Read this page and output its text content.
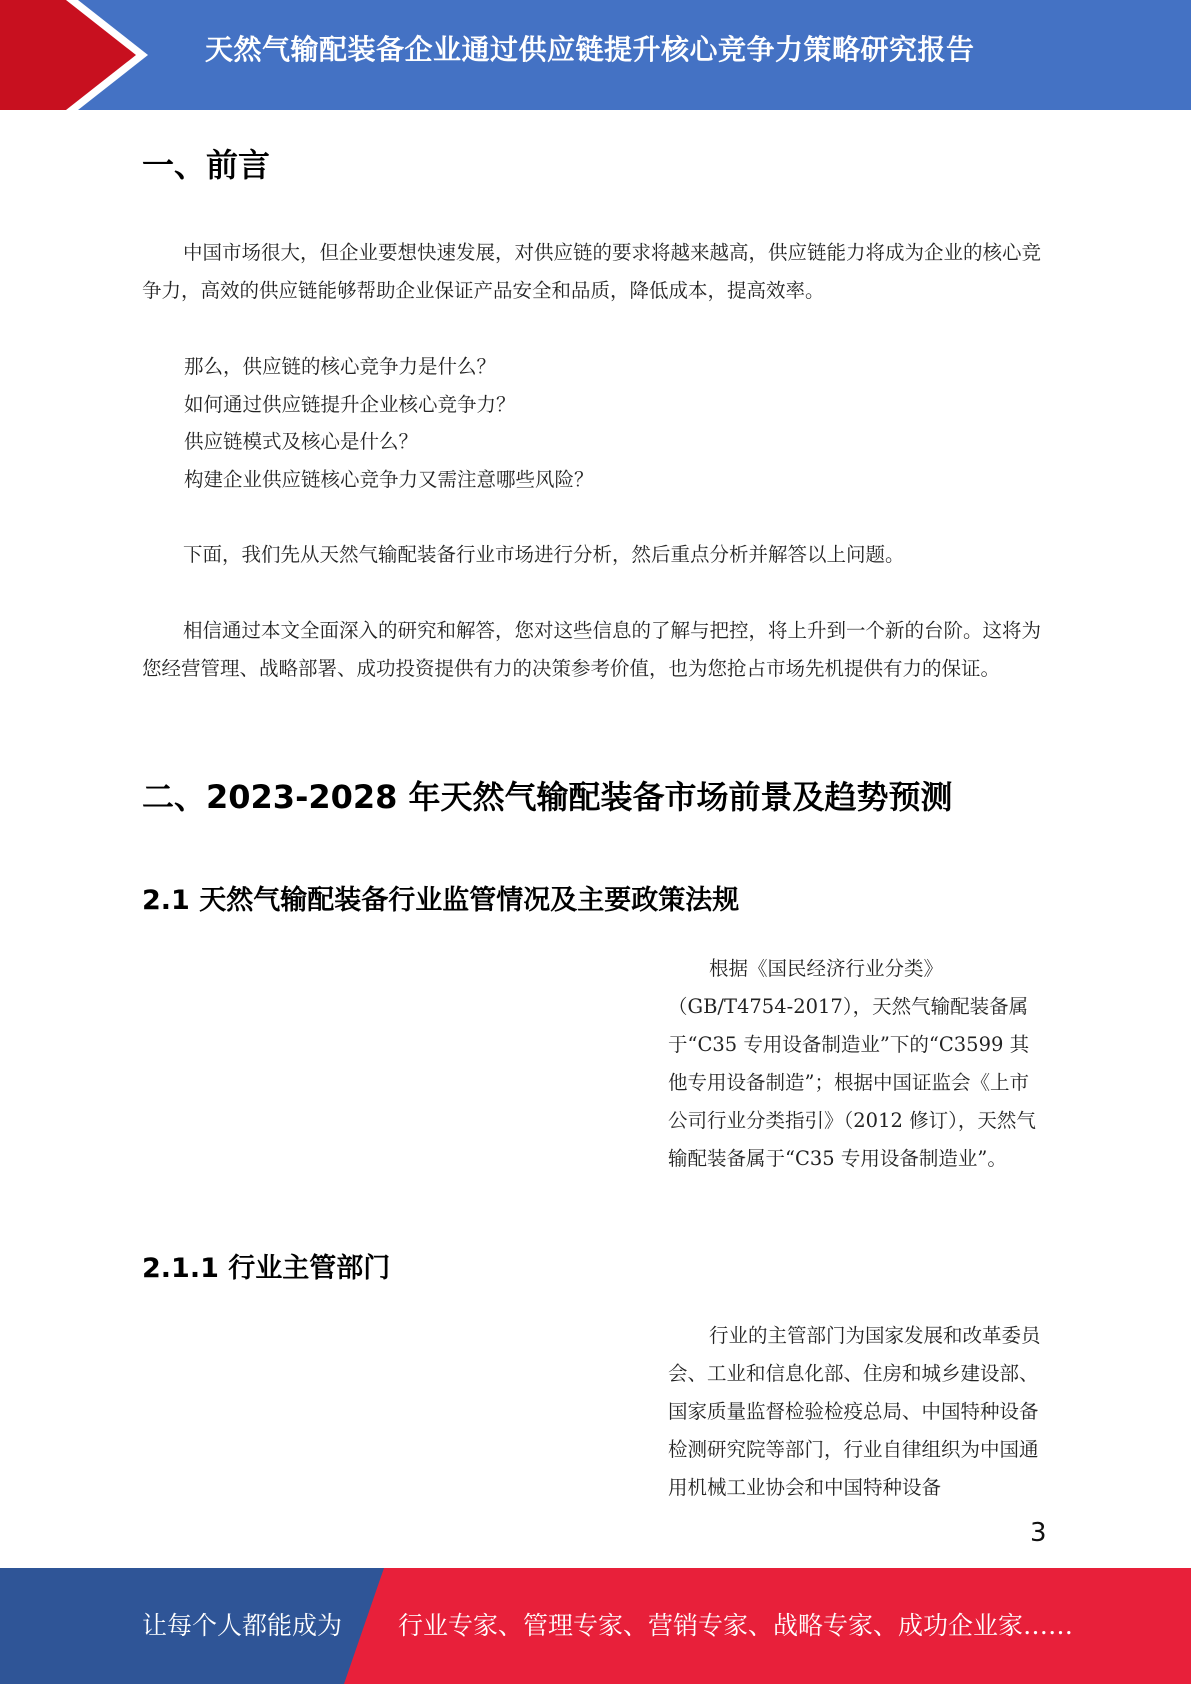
天然气输配装备企业通过供应链提升核心竞争力策略研究报告
一、前言

中国市场很大，但企业要想快速发展，对供应链的要求将越来越高，供应链能力将成为企业的核心竞争力，高效的供应链能够帮助企业保证产品安全和品质，降低成本，提高效率。

那么，供应链的核心竞争力是什么？
如何通过供应链提升企业核心竞争力？
供应链模式及核心是什么？
构建企业供应链核心竞争力又需注意哪些风险？

下面，我们先从天然气输配装备行业市场进行分析，然后重点分析并解答以上问题。

相信通过本文全面深入的研究和解答，您对这些信息的了解与把控，将上升到一个新的台阶。这将为您经营管理、战略部署、成功投资提供有力的决策参考价值，也为您抢占市场先机提供有力的保证。

二、2023-2028 年天然气输配装备市场前景及趋势预测
2.1 天然气输配装备行业监管情况及主要政策法规

根据《国民经济行业分类》（GB/T4754-2017），天然气输配装备属于“C35 专用设备制造业”下的“C3599 其他专用设备制造”；根据中国证监会《上市公司行业分类指引》（2012 修订），天然气输配装备属于“C35 专用设备制造业”。

2.1.1 行业主管部门

行业的主管部门为国家发展和改革委员会、工业和信息化部、住房和城乡建设部、国家质量监督检验检疫总局、中国特种设备检测研究院等部门，行业自律组织为中国通用机械工业协会和中国特种设备

3
让每个人都能成为 行业专家、管理专家、营销专家、战略专家、成功企业家……
